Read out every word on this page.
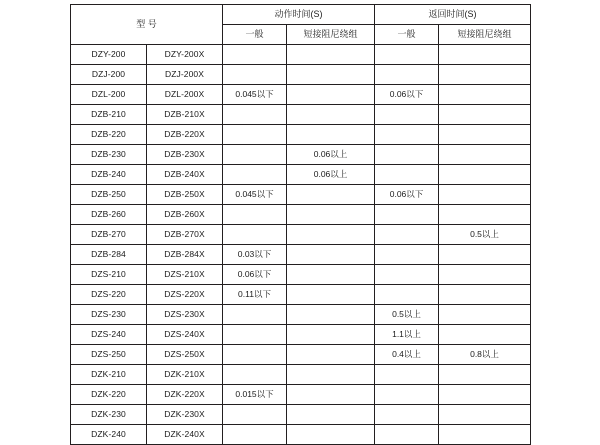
型 号		动作时间(S)		返回时间(S)	
		一般	短接阻尼绕组	一般	短接阻尼绕组
DZY-200	DZY-200X				
DZJ-200	DZJ-200X				
DZL-200	DZL-200X	0.045以下		0.06以下	
DZB-210	DZB-210X				
DZB-220	DZB-220X				
DZB-230	DZB-230X		0.06以上		
DZB-240	DZB-240X		0.06以上		
DZB-250	DZB-250X	0.045以下		0.06以下	
DZB-260	DZB-260X				
DZB-270	DZB-270X				0.5以上
DZB-284	DZB-284X	0.03以下			
DZS-210	DZS-210X	0.06以下			
DZS-220	DZS-220X	0.11以下			
DZS-230	DZS-230X			0.5以上	
DZS-240	DZS-240X			1.1以上	
DZS-250	DZS-250X			0.4以上	0.8以上
DZK-210	DZK-210X				
DZK-220	DZK-220X	0.015以下			
DZK-230	DZK-230X				
DZK-240	DZK-240X				
